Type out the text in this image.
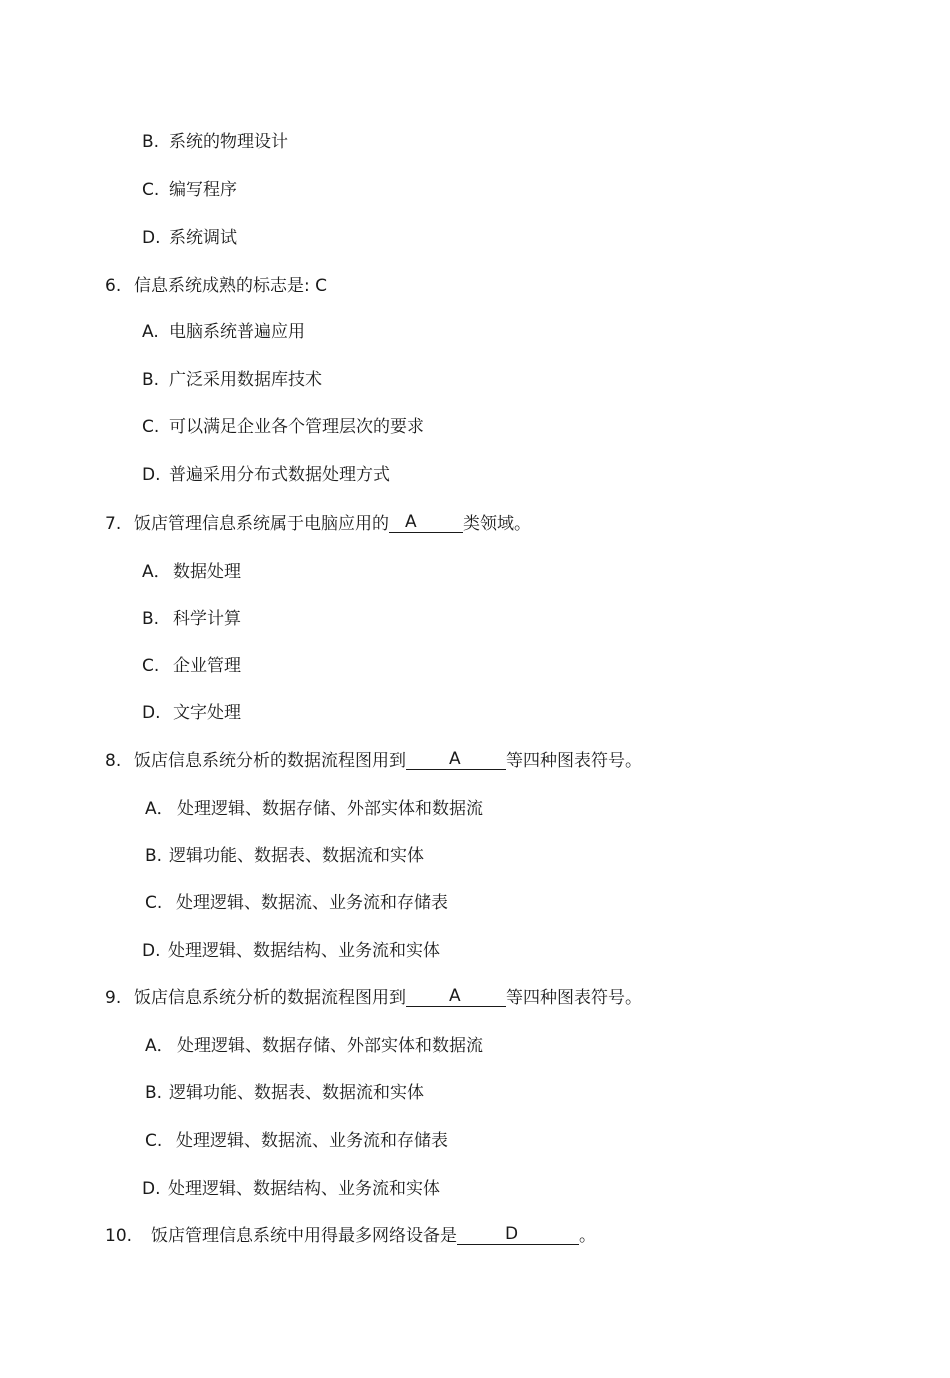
B. 系统的物理设计
C. 编写程序
D. 系统调试
6. 信息系统成熟的标志是: C
A. 电脑系统普遍应用
B. 广泛采用数据库技术
C. 可以满足企业各个管理层次的要求
D. 普遍采用分布式数据处理方式
7. 饭店管理信息系统属于电脑应用的 A	类领域。
A． 数据处理
B. 科学计算
C. 企业管理
D. 文字处理
8. 饭店信息系统分析的数据流程图用到	A	等四种图表符号。
A． 处理逻辑、数据存储、外部实体和数据流
B. 逻辑功能、数据表、数据流和实体
C. 处理逻辑、数据流、业务流和存储表
D. 处理逻辑、数据结构、业务流和实体
9. 饭店信息系统分析的数据流程图用到	A	等四种图表符号。
A． 处理逻辑、数据存储、外部实体和数据流
B. 逻辑功能、数据表、数据流和实体
C. 处理逻辑、数据流、业务流和存储表
D. 处理逻辑、数据结构、业务流和实体
10. 饭店管理信息系统中用得最多网络设备是	D	。
